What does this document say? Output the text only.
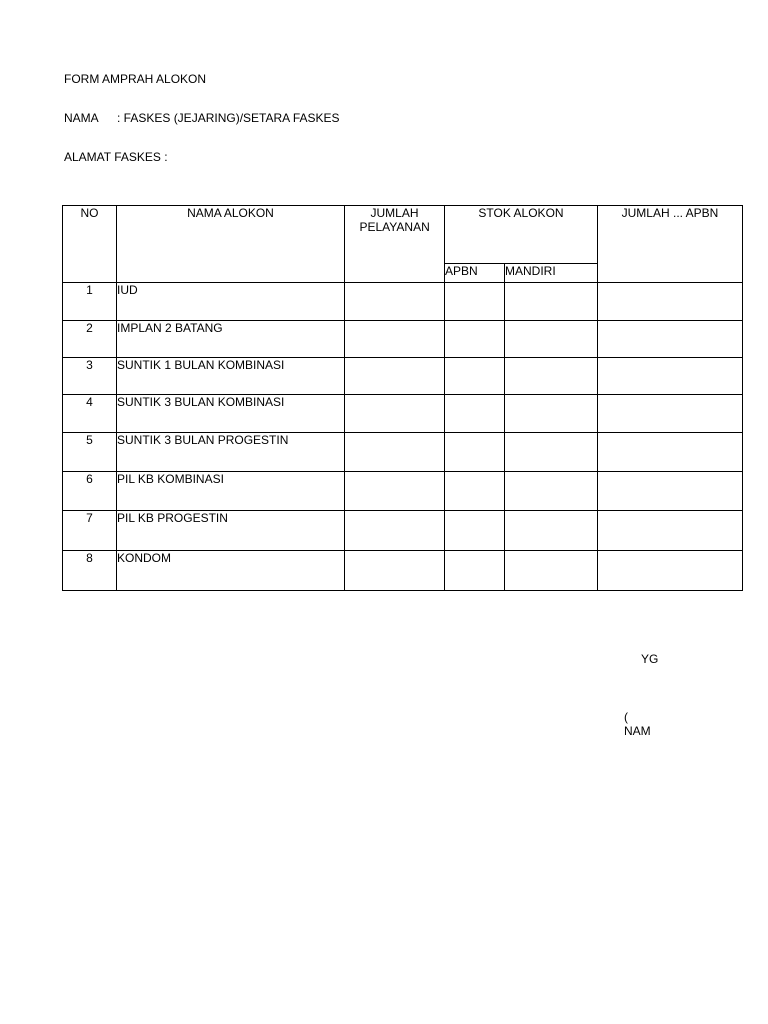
FORM AMPRAH ALOKON
NAMA : FASKES (JEJARING)/SETARA FASKES
ALAMAT FASKES :
NO	NAMA ALOKON	JUMLAH PELAYANAN	STOK ALOKON		JUMLAH ... APBN

			APBN	MANDIRI	
1	IUD				
2	IMPLAN 2 BATANG				
3	SUNTIK 1 BULAN KOMBINASI				
4	SUNTIK 3 BULAN KOMBINASI				
5	SUNTIK 3 BULAN PROGESTIN				
6	PIL KB KOMBINASI				
7	PIL KB PROGESTIN				
8	KONDOM				
YG
( NAM
